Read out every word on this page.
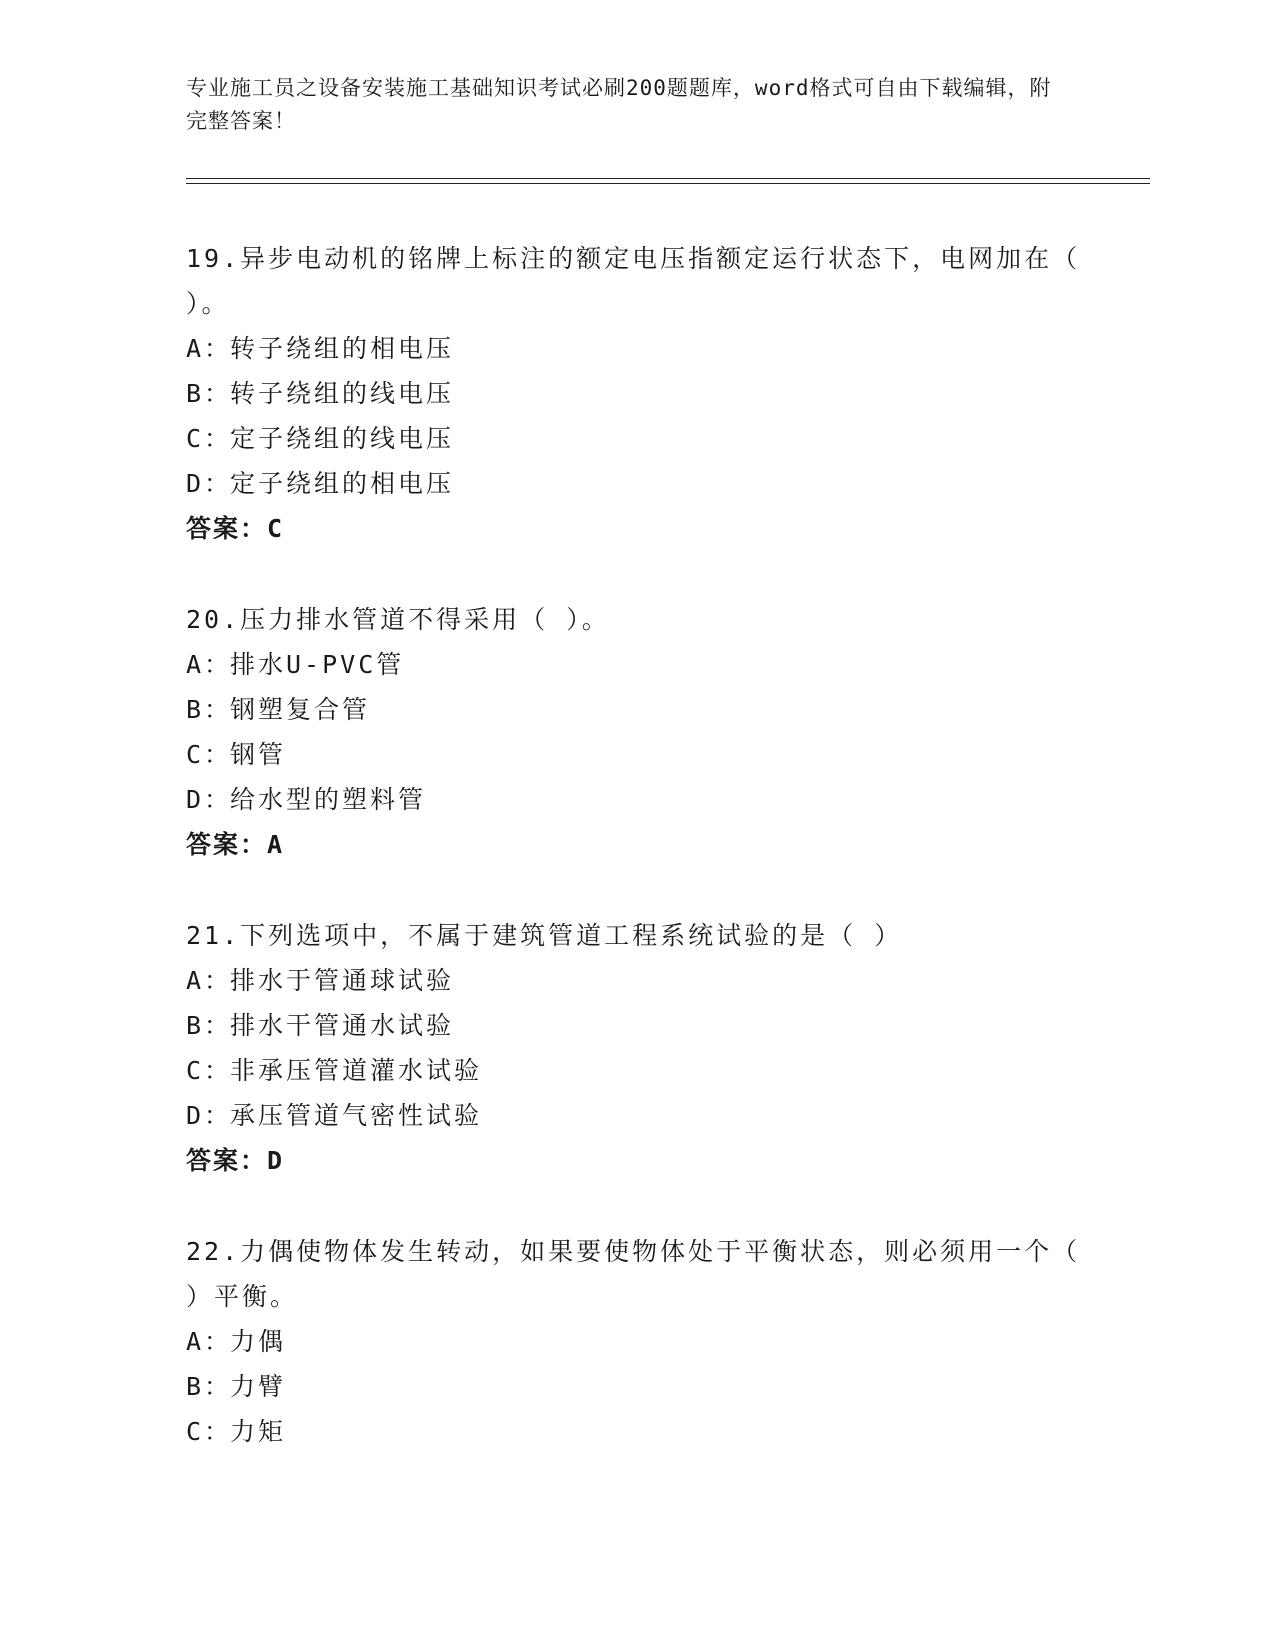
专业施工员之设备安装施工基础知识考试必刷200题题库，word格式可自由下载编辑，附完整答案！
19.异步电动机的铭牌上标注的额定电压指额定运行状态下，电网加在（ ）。
A：转子绕组的相电压
B：转子绕组的线电压
C：定子绕组的线电压
D：定子绕组的相电压
答案：C
20.压力排水管道不得采用（ ）。
A：排水U-PVC管
B：钢塑复合管
C：钢管
D：给水型的塑料管
答案：A
21.下列选项中，不属于建筑管道工程系统试验的是（ ）
A：排水于管通球试验
B：排水干管通水试验
C：非承压管道灌水试验
D：承压管道气密性试验
答案：D
22.力偶使物体发生转动，如果要使物体处于平衡状态，则必须用一个（ ）平衡。
A：力偶
B：力臂
C：力矩
